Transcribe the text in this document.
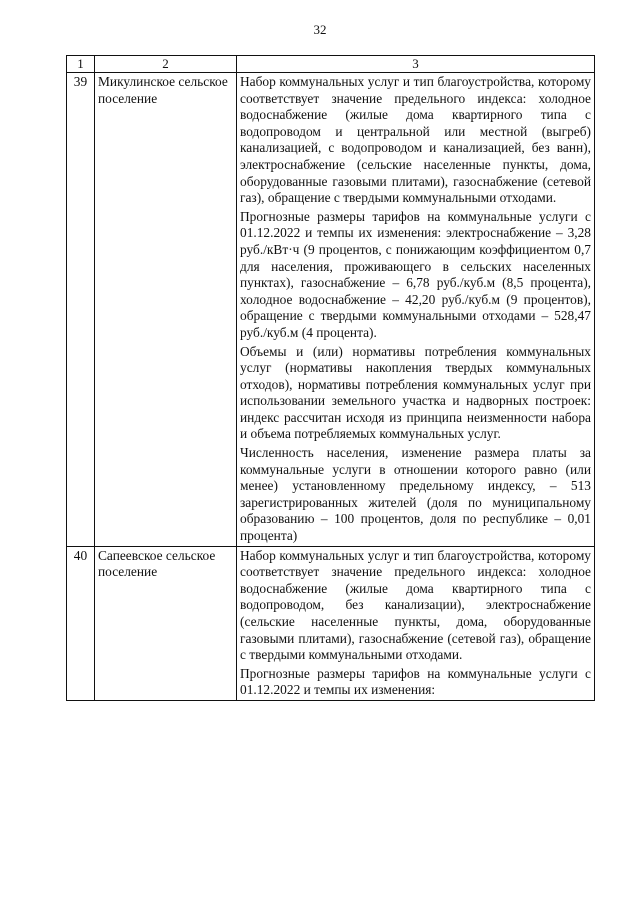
32
1	2	3
39	Микулинское сельское поселение	Набор коммунальных услуг и тип благоустройства, которому соответствует значение предельного индекса: холодное водоснабжение (жилые дома квартирного типа с водопроводом и центральной или местной (выгреб) канализацией, с водопроводом и канализацией, без ванн), электроснабжение (сельские населенные пункты, дома, оборудованные газовыми плитами), газоснабжение (сетевой газ), обращение с твердыми коммунальными отходами.

Прогнозные размеры тарифов на коммунальные услуги с 01.12.2022 и темпы их изменения: электроснабжение – 3,28 руб./кВт·ч (9 процентов, с понижающим коэффициентом 0,7 для населения, проживающего в сельских населенных пунктах), газоснабжение – 6,78 руб./куб.м (8,5 процента), холодное водоснабжение – 42,20 руб./куб.м (9 процентов), обращение с твердыми коммунальными отходами – 528,47 руб./куб.м (4 процента).

Объемы и (или) нормативы потребления коммунальных услуг (нормативы накопления твердых коммунальных отходов), нормативы потребления коммунальных услуг при использовании земельного участка и надворных построек: индекс рассчитан исходя из принципа неизменности набора и объема потребляемых коммунальных услуг.

Численность населения, изменение размера платы за коммунальные услуги в отношении которого равно (или менее) установленному предельному индексу, – 513 зарегистрированных жителей (доля по муниципальному образованию – 100 процентов, доля по республике – 0,01 процента)

40	Сапеевское сельское поселение	Набор коммунальных услуг и тип благоустройства, которому соответствует значение предельного индекса: холодное водоснабжение (жилые дома квартирного типа с водопроводом, без канализации), электроснабжение (сельские населенные пункты, дома, оборудованные газовыми плитами), газоснабжение (сетевой газ), обращение с твердыми коммунальными отходами.

Прогнозные размеры тарифов на коммунальные услуги с 01.12.2022 и темпы их изменения:
